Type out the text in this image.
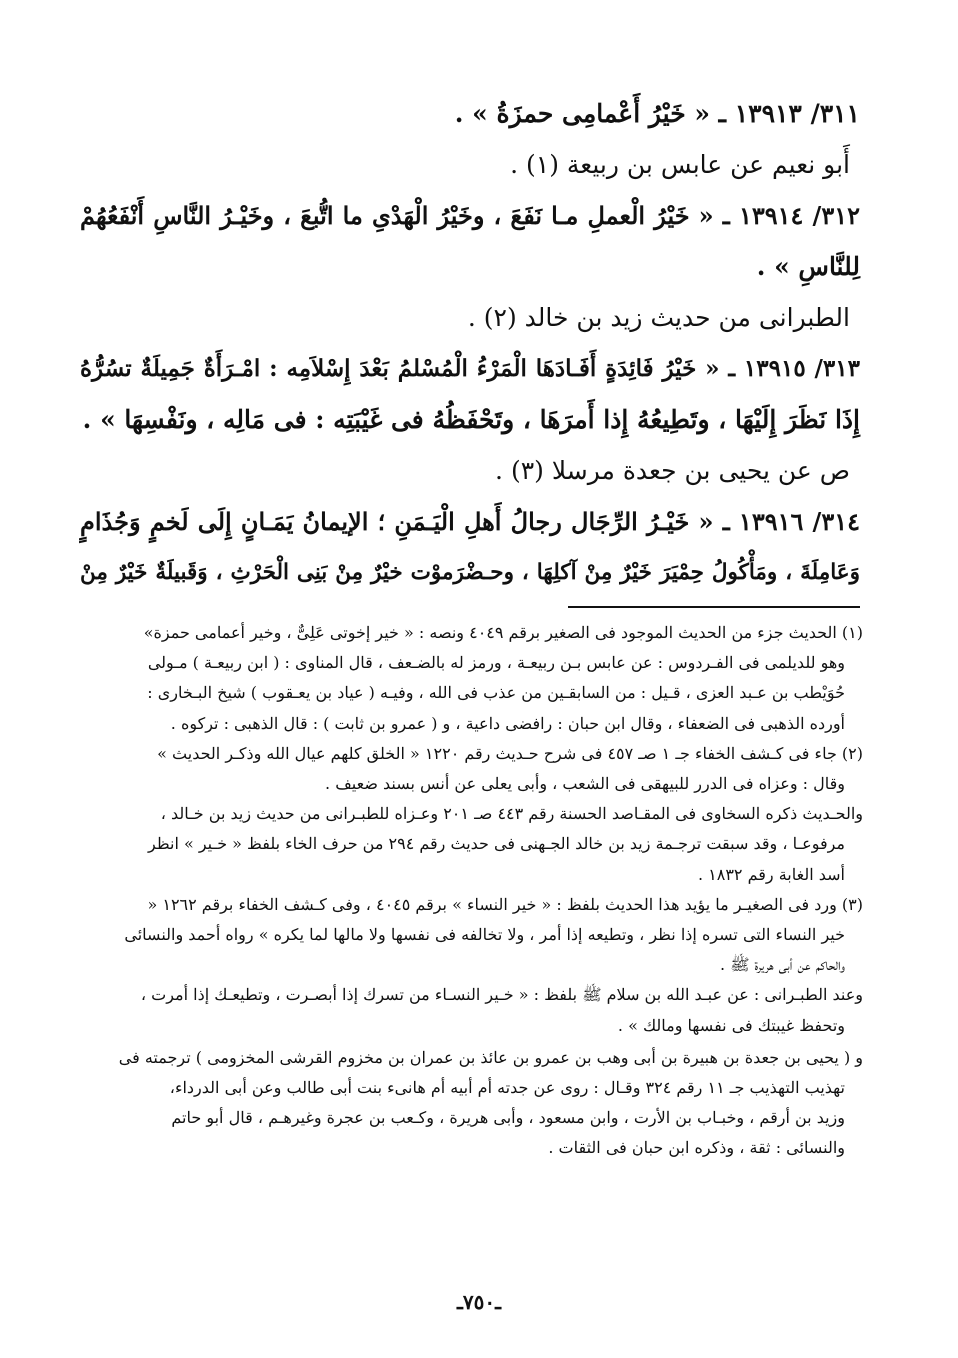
٣١١/ ١٣٩١٣ ـ « خَيْرُ أَعْمامِى حمزَةُ » .

أَبو نعيم عن عابس بن ربيعة (١) .

٣١٢/ ١٣٩١٤ ـ « خَيْرُ الْعملِ مـا نَفَعَ ، وخَيْرُ الْهَدْىِ ما اتُّبعَ ، وخَيْـرُ النَّاسِ أَنْفَعُهُمْ

لِلنَّاسِ » .

الطبرانى من حديث زيد بن خالد (٢) .

٣١٣/ ١٣٩١٥ ـ « خَيْرُ فَائِدَةٍ أَفَـادَهَا الْمَرْءُ الْمُسْلمُ بَعْدَ إِسْلاَمِه : امْـرَأَةٌ جَمِيلَةٌ تسُرُّهُ

إِذَا نَظَرَ إِلَيْهَا ، وتَطِيعُهُ إِذا أَمرَهَا ، وتَحْفَظُهُ فى غَيْبَتِه : فى مَالِه ، ونَفْسِهَا » .

ص عن يحيى بن جعدة مرسلا (٣) .

٣١٤/ ١٣٩١٦ ـ « خَيْـرُ الرِّجَال رجالُ أَهلِ الْيَـمَنِ ؛ الإيمانُ يَمَـانٍ إِلَى لَخمٍ وَجُذَامٍ

وَعَامِلَةَ ، ومَأْكُولُ حِمْيَرَ خَيْرٌ مِنْ آكلِهَا ، وحـضْرَموْت خيْرٌ مِنْ بَنِى الْحَرْثِ ، وَقَبيلَةٌ خَيْرٌ مِنْ

(١) الحديث جزء من الحديث الموجود فى الصغير برقم ٤٠٤٩ ونصه : « خير إخوتى عَلِىٌّ ، وخير أعمامى حمزة»

وهو للديلمى فى الفـردوس : عن عابس بـن ربيعـة ، ورمز له بالضـعف ، قال المناوى : ( ابن ربيعـة ) مـولى

حُوَيْطب بن عـبد العزى ، قـيل : من السابقـين من عذب فى الله ، وفيـه ( عياد بن يعـقوب ) شيخ البـخارى :

أورده الذهبى فى الضعفاء ، وقال ابن حبان : رافضى داعية ، و ( عمرو بن ثابت ) : قال الذهبى : تركوه .

(٢) جاء فى كـشف الخفاء جـ ١ صـ ٤٥٧ فى شرح حـديث رقم ١٢٢٠ « الخلق كلهم عيال الله وذكـر الحديث »

وقال : وعزاه فى الدرر للبيهقى فى الشعب ، وأبى يعلى عن أنس بسند ضعيف .

والحـديث ذكره السخاوى فى المقـاصد الحسنة رقم ٤٤٣ صـ ٢٠١ وعـزاه للطبـرانى من حديث زيد بن خـالد ،

مرفوعـا ، وقد سبقت ترجـمة زيد بن خالد الجـهنى فى حديث رقم ٢٩٤ من حرف الخاء بلفظ « خـير » انظر

أسد الغابة رقم ١٨٣٢ .

(٣) ورد فى الصغيـر ما يؤيد هذا الحديث بلفظ : « خير النساء » برقم ٤٠٤٥ ، وفى كـشف الخفاء برقم ١٢٦٢ «

خير النساء التى تسره إذا نظر ، وتطيعه إذا أمر ، ولا تخالفه فى نفسها ولا مالها لما يكره » رواه أحمد والنسائى

والحاكم عن أبى هريرة ﷺ .

وعند الطبـرانى : عن عبـد الله بن سلام ﷺ بلفظ : « خـير النسـاء من تسرك إذا أبصـرت ، وتطيعـك إذا أمرت ،

وتحفظ غيبتك فى نفسها ومالك » .

و ( يحيى بن جعدة بن هبيرة بن أبى وهب بن عمرو بن عائذ بن عمران بن مخزوم القرشى المخزومى ) ترجمته فى

تهذيب التهذيب جـ ١١ رقم ٣٢٤ وقـال : روى عن جدته أم أبيه أم هانىء بنت أبى طالب وعن أبى الدرداء،

وزيد بن أرقم ، وخبـاب بن الأرت ، وابن مسعود ، وأبى هريرة ، وكـعب بن عجرة وغيرهـم ، قال أبو حاتم

والنسائى : ثقة ، وذكره ابن حبان فى الثقات .

ـ٧٥٠ـ
